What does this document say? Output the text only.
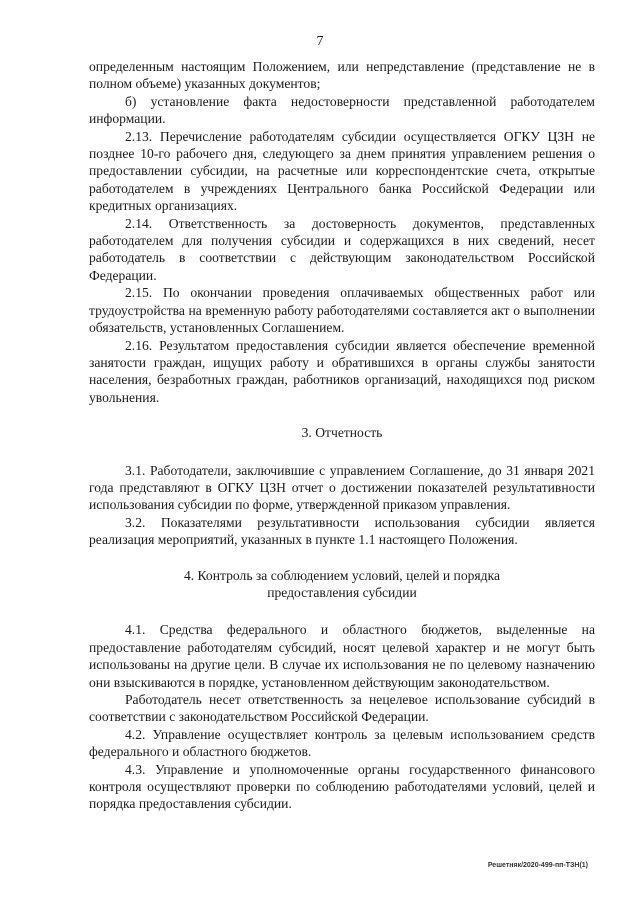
7

определенным настоящим Положением, или непредставление (представление не в полном объеме) указанных документов;

б) установление факта недостоверности представленной работодателем информации.

2.13. Перечисление работодателям субсидии осуществляется ОГКУ ЦЗН не позднее 10-го рабочего дня, следующего за днем принятия управлением решения о предоставлении субсидии, на расчетные или корреспондентские счета, открытые работодателем в учреждениях Центрального банка Российской Федерации или кредитных организациях.

2.14. Ответственность за достоверность документов, представленных работодателем для получения субсидии и содержащихся в них сведений, несет работодатель в соответствии с действующим законодательством Российской Федерации.

2.15. По окончании проведения оплачиваемых общественных работ или трудоустройства на временную работу работодателями составляется акт о выполнении обязательств, установленных Соглашением.

2.16. Результатом предоставления субсидии является обеспечение временной занятости граждан, ищущих работу и обратившихся в органы службы занятости населения, безработных граждан, работников организаций, находящихся под риском увольнения.

3. Отчетность

3.1. Работодатели, заключившие с управлением Соглашение, до 31 января 2021 года представляют в ОГКУ ЦЗН отчет о достижении показателей результативности использования субсидии по форме, утвержденной приказом управления.

3.2. Показателями результативности использования субсидии является реализация мероприятий, указанных в пункте 1.1 настоящего Положения.

4. Контроль за соблюдением условий, целей и порядка

предоставления субсидии

4.1. Средства федерального и областного бюджетов, выделенные на предоставление работодателям субсидий, носят целевой характер и не могут быть использованы на другие цели. В случае их использования не по целевому назначению они взыскиваются в порядке, установленном действующим законодательством.

Работодатель несет ответственность за нецелевое использование субсидий в соответствии с законодательством Российской Федерации.

4.2. Управление осуществляет контроль за целевым использованием средств федерального и областного бюджетов.

4.3. Управление и уполномоченные органы государственного финансового контроля осуществляют проверки по соблюдению работодателями условий, целей и порядка предоставления субсидии.

Решетняк/2020-499-пп-ТЗН(1)
